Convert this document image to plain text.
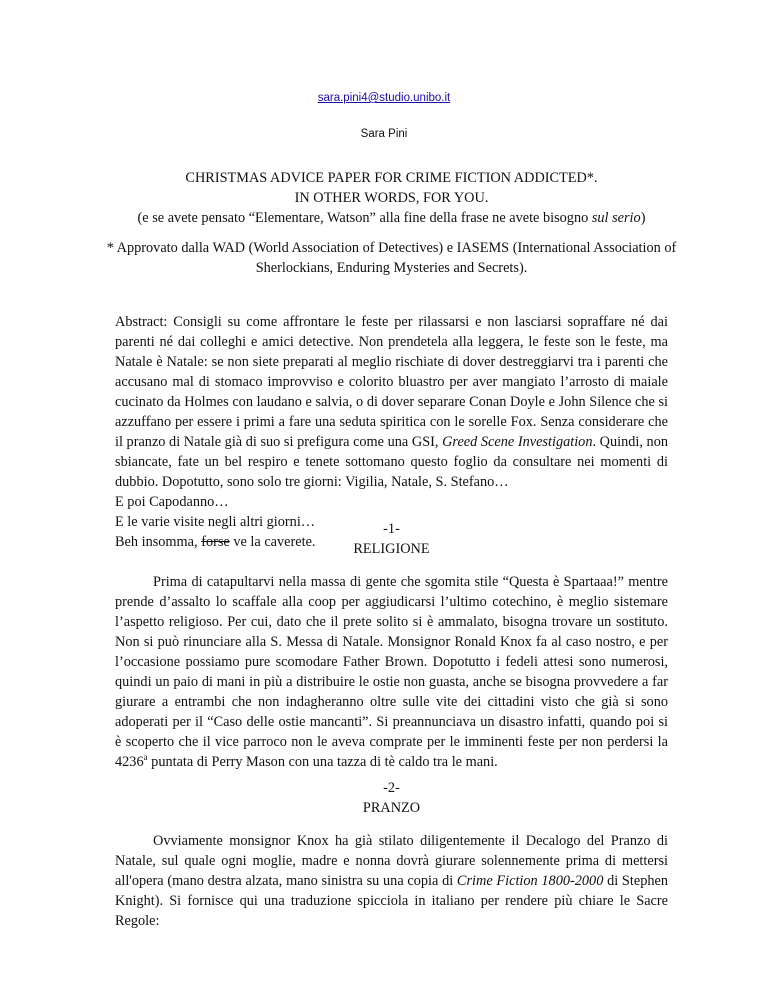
sara.pini4@studio.unibo.it
Sara Pini
CHRISTMAS ADVICE PAPER FOR CRIME FICTION ADDICTED*.
IN OTHER WORDS, FOR YOU.
(e se avete pensato “Elementare, Watson” alla fine della frase ne avete bisogno sul serio)
* Approvato dalla WAD (World Association of Detectives) e IASEMS (International Association of
Sherlockians, Enduring Mysteries and Secrets).

Abstract: Consigli su come affrontare le feste per rilassarsi e non lasciarsi sopraffare né dai parenti né dai colleghi e amici detective. Non prendetela alla leggera, le feste son le feste, ma Natale è Natale: se non siete preparati al meglio rischiate di dover destreggiarvi tra i parenti che accusano mal di stomaco improvviso e colorito bluastro per aver mangiato l’arrosto di maiale cucinato da Holmes con laudano e salvia, o di dover separare Conan Doyle e John Silence che si azzuffano per essere i primi a fare una seduta spiritica con le sorelle Fox. Senza considerare che il pranzo di Natale già di suo si prefigura come una GSI, Greed Scene Investigation. Quindi, non sbiancate, fate un bel respiro e tenete sottomano questo foglio da consultare nei momenti di dubbio. Dopotutto, sono solo tre giorni: Vigilia, Natale, S. Stefano…

E poi Capodanno…
E le varie visite negli altri giorni…
Beh insomma, forse ve la caverete.
-1-
RELIGIONE

Prima di catapultarvi nella massa di gente che sgomita stile “Questa è Spartaaa!” mentre prende d’assalto lo scaffale alla coop per aggiudicarsi l’ultimo cotechino, è meglio sistemare l’aspetto religioso. Per cui, dato che il prete solito si è ammalato, bisogna trovare un sostituto. Non si può rinunciare alla S. Messa di Natale. Monsignor Ronald Knox fa al caso nostro, e per l’occasione possiamo pure scomodare Father Brown. Dopotutto i fedeli attesi sono numerosi, quindi un paio di mani in più a distribuire le ostie non guasta, anche se bisogna provvedere a far giurare a entrambi che non indagheranno oltre sulle vite dei cittadini visto che già si sono adoperati per il “Caso delle ostie mancanti”. Si preannunciava un disastro infatti, quando poi si è scoperto che il vice parroco non le aveva comprate per le imminenti feste per non perdersi la 4236$^a$ puntata di Perry Mason con una tazza di tè caldo tra le mani.

-2-
PRANZO

Ovviamente monsignor Knox ha già stilato diligentemente il Decalogo del Pranzo di Natale, sul quale ogni moglie, madre e nonna dovrà giurare solennemente prima di mettersi all'opera (mano destra alzata, mano sinistra su una copia di Crime Fiction 1800-2000 di Stephen Knight). Si fornisce qui una traduzione spicciola in italiano per rendere più chiare le Sacre Regole:
